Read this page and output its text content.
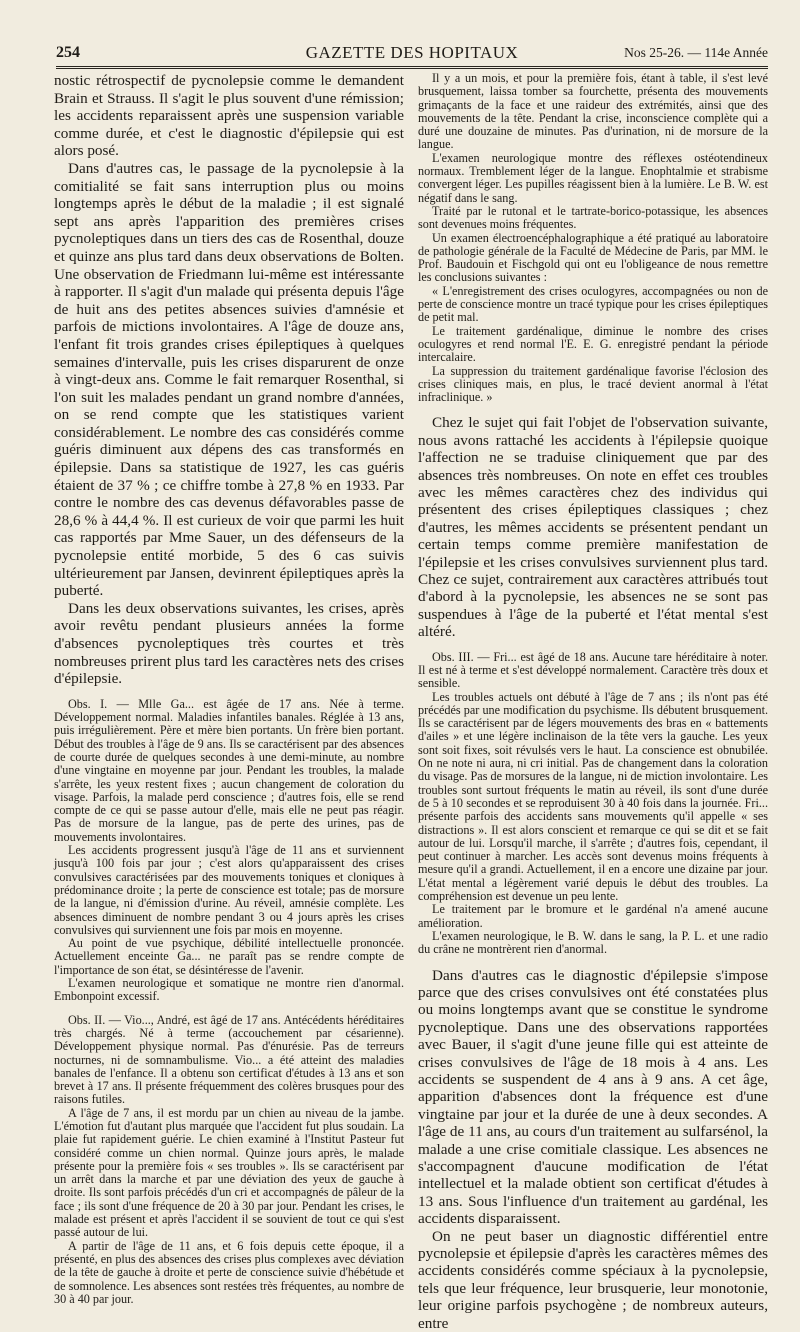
254	GAZETTE DES HOPITAUX	Nos 25-26. — 114e Année

nostic rétrospectif de pycnolepsie comme le demandent Brain et Strauss. Il s'agit le plus souvent d'une rémission; les accidents reparaissent après une suspension variable comme durée, et c'est le diagnostic d'épilepsie qui est alors posé.

Dans d'autres cas, le passage de la pycnolepsie à la comitialité se fait sans interruption plus ou moins longtemps après le début de la maladie ; il est signalé sept ans après l'apparition des premières crises pycnoleptiques dans un tiers des cas de Rosenthal, douze et quinze ans plus tard dans deux observations de Bolten. Une observation de Friedmann lui-même est intéressante à rapporter. Il s'agit d'un malade qui présenta depuis l'âge de huit ans des petites absences suivies d'amnésie et parfois de mictions involontaires. A l'âge de douze ans, l'enfant fit trois grandes crises épileptiques à quelques semaines d'intervalle, puis les crises disparurent de onze à vingt-deux ans. Comme le fait remarquer Rosenthal, si l'on suit les malades pendant un grand nombre d'années, on se rend compte que les statistiques varient considérablement. Le nombre des cas considérés comme guéris diminuent aux dépens des cas transformés en épilepsie. Dans sa statistique de 1927, les cas guéris étaient de 37 % ; ce chiffre tombe à 27,8 % en 1933. Par contre le nombre des cas devenus défavorables passe de 28,6 % à 44,4 %. Il est curieux de voir que parmi les huit cas rapportés par Mme Sauer, un des défenseurs de la pycnolepsie entité morbide, 5 des 6 cas suivis ultérieurement par Jansen, devinrent épileptiques après la puberté.

Dans les deux observations suivantes, les crises, après avoir revêtu pendant plusieurs années la forme d'absences pycnoleptiques très courtes et très nombreuses prirent plus tard les caractères nets des crises d'épilepsie.

Obs. I. — Mlle Ga... est âgée de 17 ans. Née à terme. Développement normal. Maladies infantiles banales. Réglée à 13 ans, puis irrégulièrement. Père et mère bien portants. Un frère bien portant. Début des troubles à l'âge de 9 ans. Ils se caractérisent par des absences de courte durée de quelques secondes à une demi-minute, au nombre d'une vingtaine en moyenne par jour. Pendant les troubles, la malade s'arrête, les yeux restent fixes ; aucun changement de coloration du visage. Parfois, la malade perd conscience ; d'autres fois, elle se rend compte de ce qui se passe autour d'elle, mais elle ne peut pas réagir. Pas de morsure de la langue, pas de perte des urines, pas de mouvements involontaires.

Les accidents progressent jusqu'à l'âge de 11 ans et surviennent jusqu'à 100 fois par jour ; c'est alors qu'apparaissent des crises convulsives caractérisées par des mouvements toniques et cloniques à prédominance droite ; la perte de conscience est totale; pas de morsure de la langue, ni d'émission d'urine. Au réveil, amnésie complète. Les absences diminuent de nombre pendant 3 ou 4 jours après les crises convulsives qui surviennent une fois par mois en moyenne.

Au point de vue psychique, débilité intellectuelle prononcée. Actuellement enceinte Ga... ne paraît pas se rendre compte de l'importance de son état, se désintéresse de l'avenir.

L'examen neurologique et somatique ne montre rien d'anormal. Embonpoint excessif.

Obs. II. — Vio..., André, est âgé de 17 ans. Antécédents héréditaires très chargés. Né à terme (accouchement par césarienne). Développement physique normal. Pas d'énurésie. Pas de terreurs nocturnes, ni de somnambulisme. Vio... a été atteint des maladies banales de l'enfance. Il a obtenu son certificat d'études à 13 ans et son brevet à 17 ans. Il présente fréquemment des colères brusques pour des raisons futiles.

A l'âge de 7 ans, il est mordu par un chien au niveau de la jambe. L'émotion fut d'autant plus marquée que l'accident fut plus soudain. La plaie fut rapidement guérie. Le chien examiné à l'Institut Pasteur fut considéré comme un chien normal. Quinze jours après, le malade présente pour la première fois « ses troubles ». Ils se caractérisent par un arrêt dans la marche et par une déviation des yeux de gauche à droite. Ils sont parfois précédés d'un cri et accompagnés de pâleur de la face ; ils sont d'une fréquence de 20 à 30 par jour. Pendant les crises, le malade est présent et après l'accident il se souvient de tout ce qui s'est passé autour de lui.

A partir de l'âge de 11 ans, et 6 fois depuis cette époque, il a présenté, en plus des absences des crises plus complexes avec déviation de la tête de gauche à droite et perte de conscience suivie d'hébétude et de somnolence. Les absences sont restées très fréquentes, au nombre de 30 à 40 par jour.

Il y a un mois, et pour la première fois, étant à table, il s'est levé brusquement, laissa tomber sa fourchette, présenta des mouvements grimaçants de la face et une raideur des extrémités, ainsi que des mouvements de la tête. Pendant la crise, inconscience complète qui a duré une douzaine de minutes. Pas d'urination, ni de morsure de la langue.

L'examen neurologique montre des réflexes ostéotendineux normaux. Tremblement léger de la langue. Enophtalmie et strabisme convergent léger. Les pupilles réagissent bien à la lumière. Le B. W. est négatif dans le sang.

Traité par le rutonal et le tartrate-borico-potassique, les absences sont devenues moins fréquentes.

Un examen électroencéphalographique a été pratiqué au laboratoire de pathologie générale de la Faculté de Médecine de Paris, par MM. le Prof. Baudouin et Fischgold qui ont eu l'obligeance de nous remettre les conclusions suivantes :

« L'enregistrement des crises oculogyres, accompagnées ou non de perte de conscience montre un tracé typique pour les crises épileptiques de petit mal.

Le traitement gardénalique, diminue le nombre des crises oculogyres et rend normal l'E. E. G. enregistré pendant la période intercalaire.

La suppression du traitement gardénalique favorise l'éclosion des crises cliniques mais, en plus, le tracé devient anormal à l'état infraclinique. »

Chez le sujet qui fait l'objet de l'observation suivante, nous avons rattaché les accidents à l'épilepsie quoique l'affection ne se traduise cliniquement que par des absences très nombreuses. On note en effet ces troubles avec les mêmes caractères chez des individus qui présentent des crises épileptiques classiques ; chez d'autres, les mêmes accidents se présentent pendant un certain temps comme première manifestation de l'épilepsie et les crises convulsives surviennent plus tard. Chez ce sujet, contrairement aux caractères attribués tout d'abord à la pycnolepsie, les absences ne se sont pas suspendues à l'âge de la puberté et l'état mental s'est altéré.

Obs. III. — Fri... est âgé de 18 ans. Aucune tare héréditaire à noter. Il est né à terme et s'est développé normalement. Caractère très doux et sensible.

Les troubles actuels ont débuté à l'âge de 7 ans ; ils n'ont pas été précédés par une modification du psychisme. Ils débutent brusquement. Ils se caractérisent par de légers mouvements des bras en « battements d'ailes » et une légère inclinaison de la tête vers la gauche. Les yeux sont soit fixes, soit révulsés vers le haut. La conscience est obnubilée. On ne note ni aura, ni cri initial. Pas de changement dans la coloration du visage. Pas de morsures de la langue, ni de miction involontaire. Les troubles sont surtout fréquents le matin au réveil, ils sont d'une durée de 5 à 10 secondes et se reproduisent 30 à 40 fois dans la journée. Fri... présente parfois des accidents sans mouvements qu'il appelle « ses distractions ». Il est alors conscient et remarque ce qui se dit et se fait autour de lui. Lorsqu'il marche, il s'arrête ; d'autres fois, cependant, il peut continuer à marcher. Les accès sont devenus moins fréquents à mesure qu'il a grandi. Actuellement, il en a encore une dizaine par jour. L'état mental a légèrement varié depuis le début des troubles. La compréhension est devenue un peu lente.

Le traitement par le bromure et le gardénal n'a amené aucune amélioration.

L'examen neurologique, le B. W. dans le sang, la P. L. et une radio du crâne ne montrèrent rien d'anormal.

Dans d'autres cas le diagnostic d'épilepsie s'impose parce que des crises convulsives ont été constatées plus ou moins longtemps avant que se constitue le syndrome pycnoleptique. Dans une des observations rapportées avec Bauer, il s'agit d'une jeune fille qui est atteinte de crises convulsives de l'âge de 18 mois à 4 ans. Les accidents se suspendent de 4 ans à 9 ans. A cet âge, apparition d'absences dont la fréquence est d'une vingtaine par jour et la durée de une à deux secondes. A l'âge de 11 ans, au cours d'un traitement au sulfarsénol, la malade a une crise comitiale classique. Les absences ne s'accompagnent d'aucune modification de l'état intellectuel et la malade obtient son certificat d'études à 13 ans. Sous l'influence d'un traitement au gardénal, les accidents disparaissent.

On ne peut baser un diagnostic différentiel entre pycnolepsie et épilepsie d'après les caractères mêmes des accidents considérés comme spéciaux à la pycnolepsie, tels que leur fréquence, leur brusquerie, leur monotonie, leur origine parfois psychogène ; de nombreux auteurs, entre
